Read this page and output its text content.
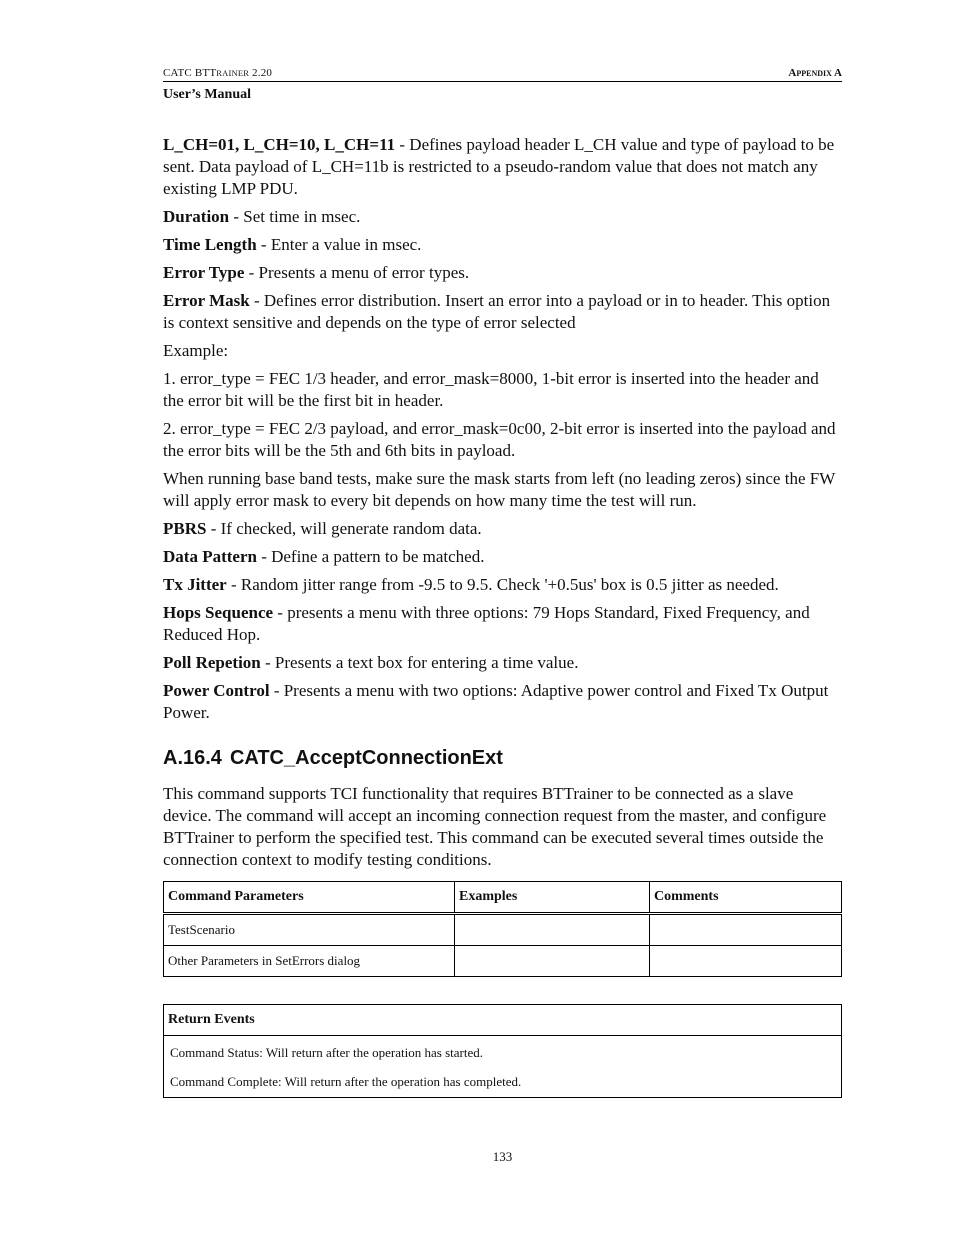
CATC BTTRAINER 2.20	Appendix A
User’s Manual

L_CH=01, L_CH=10, L_CH=11 - Defines payload header L_CH value and type of payload to be sent. Data payload of L_CH=11b is restricted to a pseudo-random value that does not match any existing LMP PDU.

Duration - Set time in msec.

Time Length - Enter a value in msec.

Error Type - Presents a menu of error types.

Error Mask - Defines error distribution. Insert an error into a payload or in to header. This option is context sensitive and depends on the type of error selected

Example:

1. error_type = FEC 1/3 header, and error_mask=8000, 1-bit error is inserted into the header and the error bit will be the first bit in header.

2. error_type = FEC 2/3 payload, and error_mask=0c00, 2-bit error is inserted into the payload and the error bits will be the 5th and 6th bits in payload.

When running base band tests, make sure the mask starts from left (no leading zeros) since the FW will apply error mask to every bit depends on how many time the test will run.

PBRS - If checked, will generate random data.

Data Pattern - Define a pattern to be matched.

Tx Jitter - Random jitter range from -9.5 to 9.5. Check '+0.5us' box is 0.5 jitter as needed.

Hops Sequence - presents a menu with three options: 79 Hops Standard, Fixed Frequency, and Reduced Hop.

Poll Repetion - Presents a text box for entering a time value.

Power Control - Presents a menu with two options: Adaptive power control and Fixed Tx Output Power.

A.16.4 CATC_AcceptConnectionExt

This command supports TCI functionality that requires BTTrainer to be connected as a slave device. The command will accept an incoming connection request from the master, and configure BTTrainer to perform the specified test. This command can be executed several times outside the connection context to modify testing conditions.

Command Parameters	Examples	Comments
TestScenario		
Other Parameters in SetErrors dialog		
Return Events
Command Status: Will return after the operation has started.
Command Complete: Will return after the operation has completed.
133
